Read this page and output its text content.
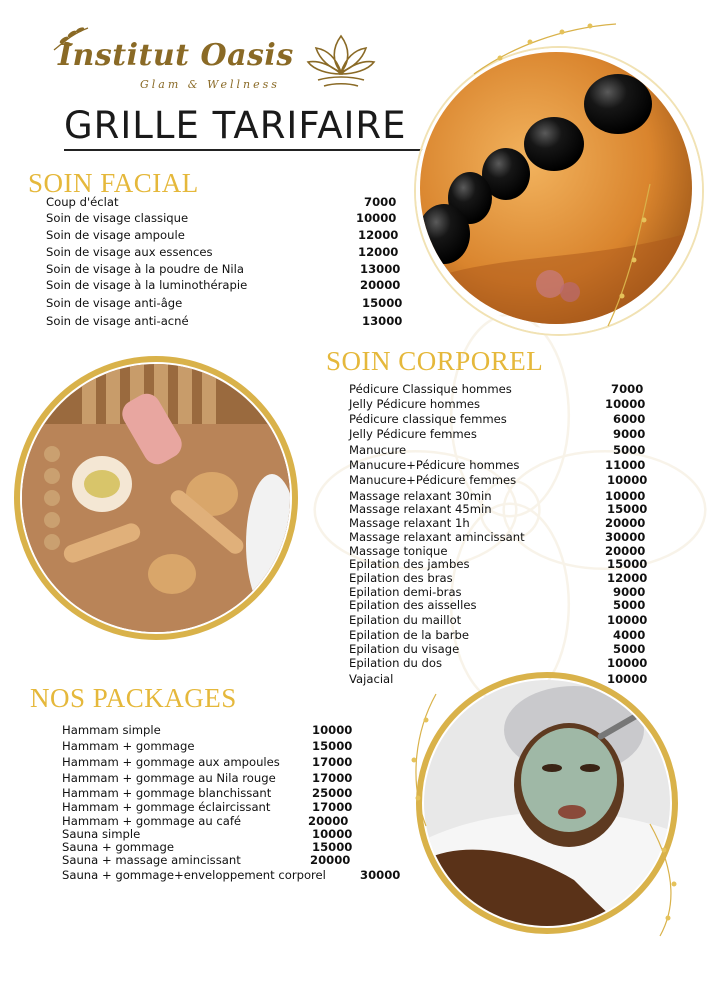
Institut Oasis
Glam & Wellness
GRILLE TARIFAIRE
SOIN FACIAL
Coup d'éclat	7000
Soin de visage classique	10000
Soin de visage ampoule	12000
Soin de visage aux essences	12000
Soin de visage à la poudre de Nila	13000
Soin de visage à la luminothérapie	20000
Soin de visage anti-âge	15000
Soin de visage anti-acné	13000
SOIN CORPOREL
Pédicure Classique hommes	7000
Jelly Pédicure hommes	10000
Pédicure classique femmes	6000
Jelly Pédicure femmes	9000
Manucure	5000
Manucure+Pédicure hommes	11000
Manucure+Pédicure femmes	10000
Massage relaxant 30min	10000
Massage relaxant 45min	15000
Massage relaxant 1h	20000
Massage relaxant amincissant	30000
Massage tonique	20000
Epilation des jambes	15000
Epilation des bras	12000
Epilation demi-bras	9000
Epilation des aisselles	5000
Epilation du maillot	10000
Epilation de la barbe	4000
Epilation du visage	5000
Epilation du dos	10000
Vajacial	10000
NOS PACKAGES
Hammam simple	10000
Hammam + gommage	15000
Hammam + gommage aux ampoules	17000
Hammam + gommage au Nila rouge	17000
Hammam + gommage blanchissant	25000
Hammam + gommage éclaircissant	17000
Hammam + gommage au café	20000
Sauna simple	10000
Sauna + gommage	15000
Sauna + massage amincissant	20000
Sauna + gommage+enveloppement corporel	30000
